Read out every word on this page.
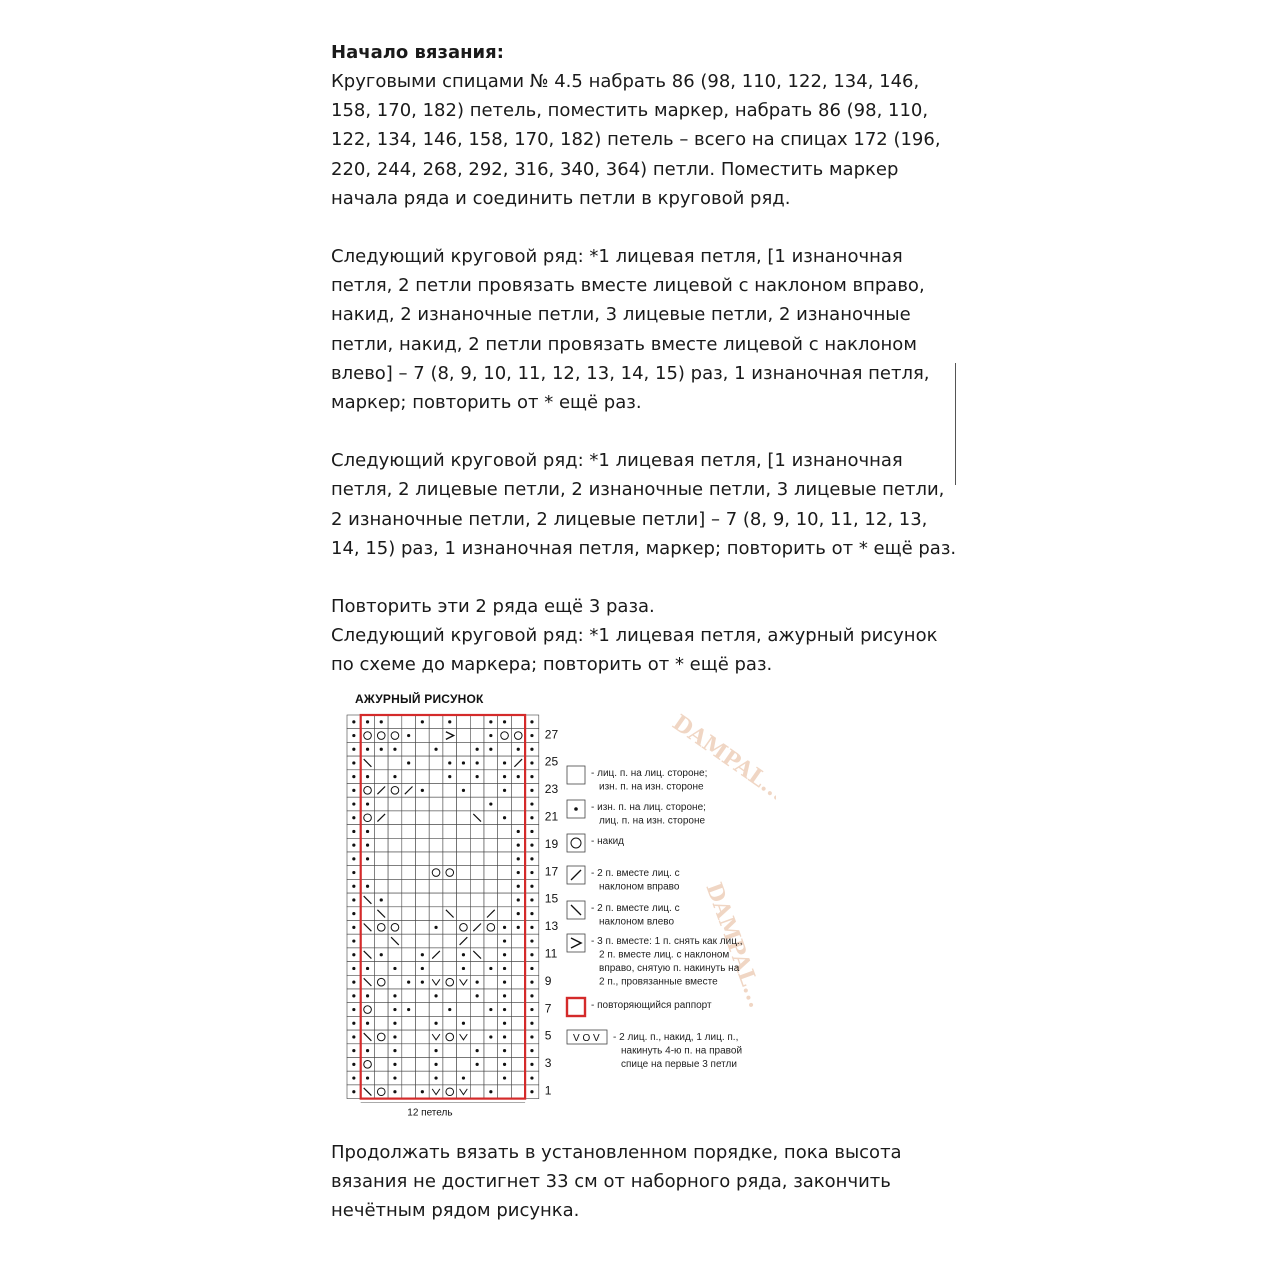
Начало вязания:

Круговыми спицами № 4.5 набрать 86 (98, 110, 122, 134, 146, 158, 170, 182) петель, поместить маркер, набрать 86 (98, 110, 122, 134, 146, 158, 170, 182) петель – всего на спицах 172 (196, 220, 244, 268, 292, 316, 340, 364) петли. Поместить маркер начала ряда и соединить петли в круговой ряд.

Следующий круговой ряд: *1 лицевая петля, [1 изнаночная петля, 2 петли провязать вместе лицевой с наклоном вправо, накид, 2 изнаночные петли, 3 лицевые петли, 2 изнаночные петли, накид, 2 петли провязать вместе лицевой с наклоном влево] – 7 (8, 9, 10, 11, 12, 13, 14, 15) раз, 1 изнаночная петля, маркер; повторить от * ещё раз.

Следующий круговой ряд: *1 лицевая петля, [1 изнаночная петля, 2 лицевые петли, 2 изнаночные петли, 3 лицевые петли, 2 изнаночные петли, 2 лицевые петли] – 7 (8, 9, 10, 11, 12, 13, 14, 15) раз, 1 изнаночная петля, маркер; повторить от * ещё раз.

Повторить эти 2 ряда ещё 3 раза.

Следующий круговой ряд: *1 лицевая петля, ажурный рисунок по схеме до маркера; повторить от * ещё раз.

АЖУРНЫЙ РИСУНОК
DAMPAL...
DAMPAL...
27
25
23
21
19
17
15
13
11
9
7
5
3
1
12 петель
- лиц. п. на лиц. стороне;
изн. п. на изн. стороне
- изн. п. на лиц. стороне;
лиц. п. на изн. стороне
- накид
- 2 п. вместе лиц. с
наклоном вправо
- 2 п. вместе лиц. с
наклоном влево
- 3 п. вместе: 1 п. снять как лиц.,
2 п. вместе лиц. с наклоном
вправо, снятую п. накинуть на
2 п., провязанные вместе
- повторяющийся раппорт
V O V - 2 лиц. п., накид, 1 лиц. п.,
накинуть 4-ю п. на правой
спице на первые 3 петли

Продолжать вязать в установленном порядке, пока высота вязания не достигнет 33 см от наборного ряда, закончить нечётным рядом рисунка.
